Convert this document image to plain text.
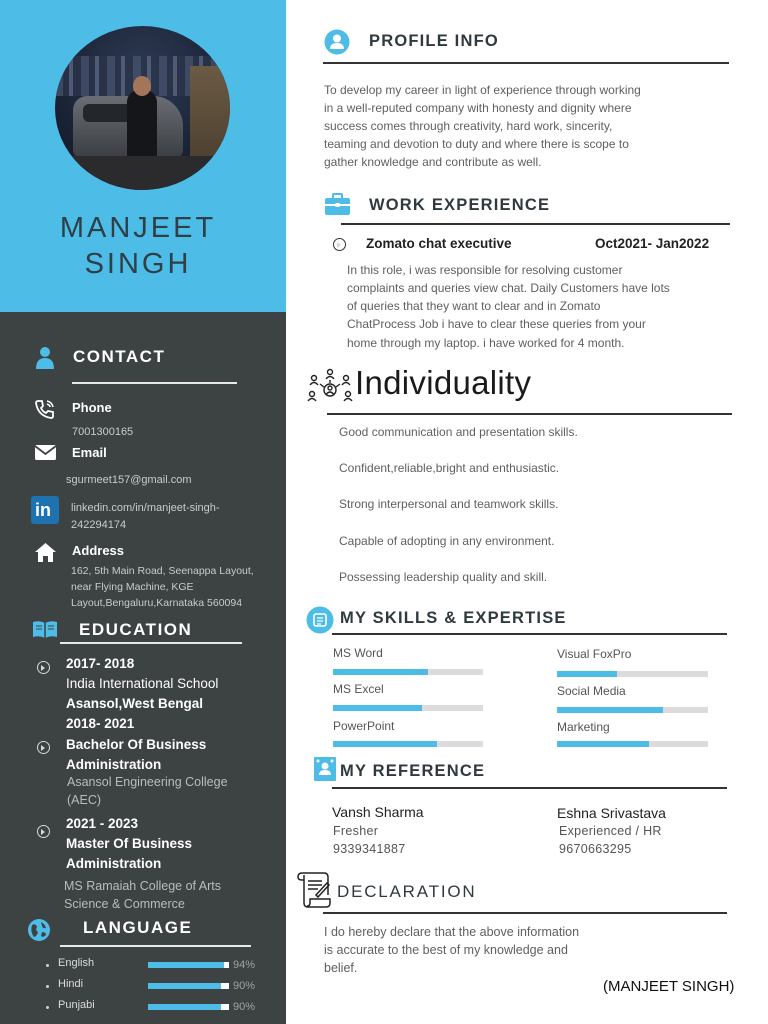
MANJEET
SINGH
CONTACT
Phone
7001300165
Email
sgurmeet157@gmail.com
in linkedin.com/in/manjeet-singh-
242294174
Address
162, 5th Main Road, Seenappa Layout,
near Flying Machine, KGE
Layout,Bengaluru,Karnataka 560094
EDUCATION
2017- 2018
India International School
Asansol,West Bengal
2018- 2021
Bachelor Of Business
Administration
Asansol Engineering College
(AEC)
2021 - 2023
Master Of Business
Administration
MS Ramaiah College of Arts
Science & Commerce
LANGUAGE
English	94%
Hindi	90%
Punjabi	90%
PROFILE INFO
To develop my career in light of experience through working
in a well-reputed company with honesty and dignity where
success comes through creativity, hard work, sincerity,
teaming and devotion to duty and where there is scope to
gather knowledge and contribute as well.
WORK EXPERIENCE
Zomato chat executive	Oct2021- Jan2022
In this role, i was responsible for resolving customer
complaints and queries view chat. Daily Customers have lots
of queries that they want to clear and in Zomato
ChatProcess Job i have to clear these queries from your
home through my laptop. i have worked for 4 month.
Individuality
Good communication and presentation skills.
Confident,reliable,bright and enthusiastic.
Strong interpersonal and teamwork skills.
Capable of adopting in any environment.
Possessing leadership quality and skill.
MY SKILLS & EXPERTISE
MS Word	Visual FoxPro
MS Excel	Social Media
PowerPoint	Marketing
MY REFERENCE
Vansh Sharma
Fresher
9339341887
Eshna Srivastava
Experienced / HR
9670663295
DECLARATION
I do hereby declare that the above information
is accurate to the best of my knowledge and
belief.
(MANJEET SINGH)
